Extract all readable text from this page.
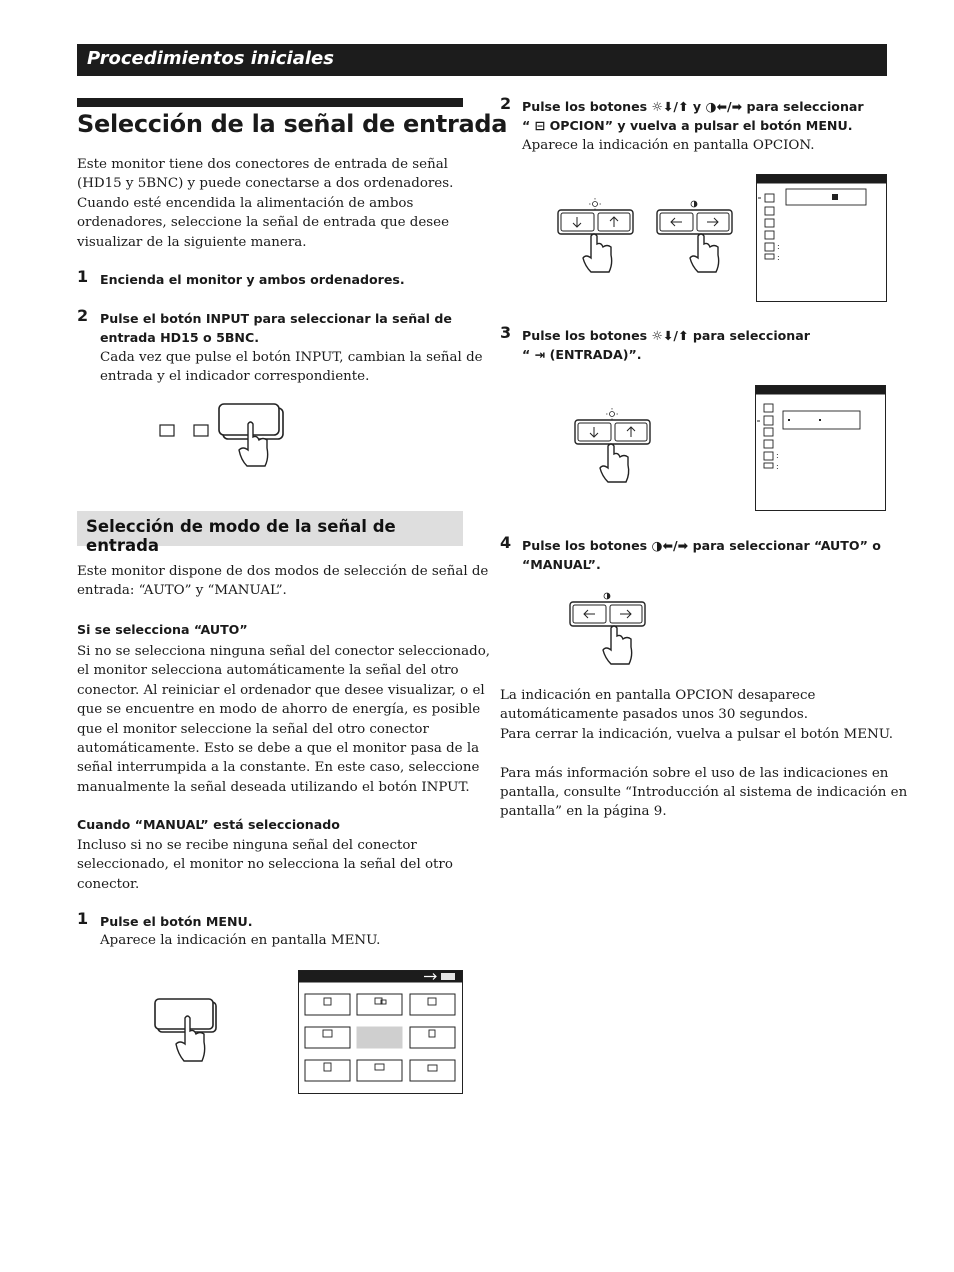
Procedimientos iniciales
Selección de la señal de entrada
Este monitor tiene dos conectores de entrada de señal
(HD15 y 5BNC) y puede conectarse a dos ordenadores.
Cuando esté encendida la alimentación de ambos
ordenadores, seleccione la señal de entrada que desee
visualizar de la siguiente manera.
1 Encienda el monitor y ambos ordenadores.
2 Pulse el botón INPUT para seleccionar la señal de
entrada HD15 o 5BNC.
Cada vez que pulse el botón INPUT, cambian la señal de
entrada y el indicador correspondiente.
Selección de modo de la señal de entrada
Este monitor dispone de dos modos de selección de señal de
entrada: “AUTO” y “MANUAL”.
Si se selecciona “AUTO”
Si no se selecciona ninguna señal del conector seleccionado,
el monitor selecciona automáticamente la señal del otro
conector. Al reiniciar el ordenador que desee visualizar, o el
que se encuentre en modo de ahorro de energía, es posible
que el monitor seleccione la señal del otro conector
automáticamente. Esto se debe a que el monitor pasa de la
señal interrumpida a la constante. En este caso, seleccione
manualmente la señal deseada utilizando el botón INPUT.
Cuando “MANUAL” está seleccionado
Incluso si no se recibe ninguna señal del conector
seleccionado, el monitor no selecciona la señal del otro
conector.
1 Pulse el botón MENU.
Aparece la indicación en pantalla MENU.
2 Pulse los botones ☼⬇/⬆ y ◑⬅/➡ para seleccionar
“ ⊟ OPCION” y vuelva a pulsar el botón MENU.
Aparece la indicación en pantalla OPCION.
:
:
3 Pulse los botones ☼⬇/⬆ para seleccionar
“ ⇥ (ENTRADA)”.
:
:
4 Pulse los botones ◑⬅/➡ para seleccionar “AUTO” o
“MANUAL”.
La indicación en pantalla OPCION desaparece
automáticamente pasados unos 30 segundos.
Para cerrar la indicación, vuelva a pulsar el botón MENU.
Para más información sobre el uso de las indicaciones en
pantalla, consulte “Introducción al sistema de indicación en
pantalla” en la página 9.
